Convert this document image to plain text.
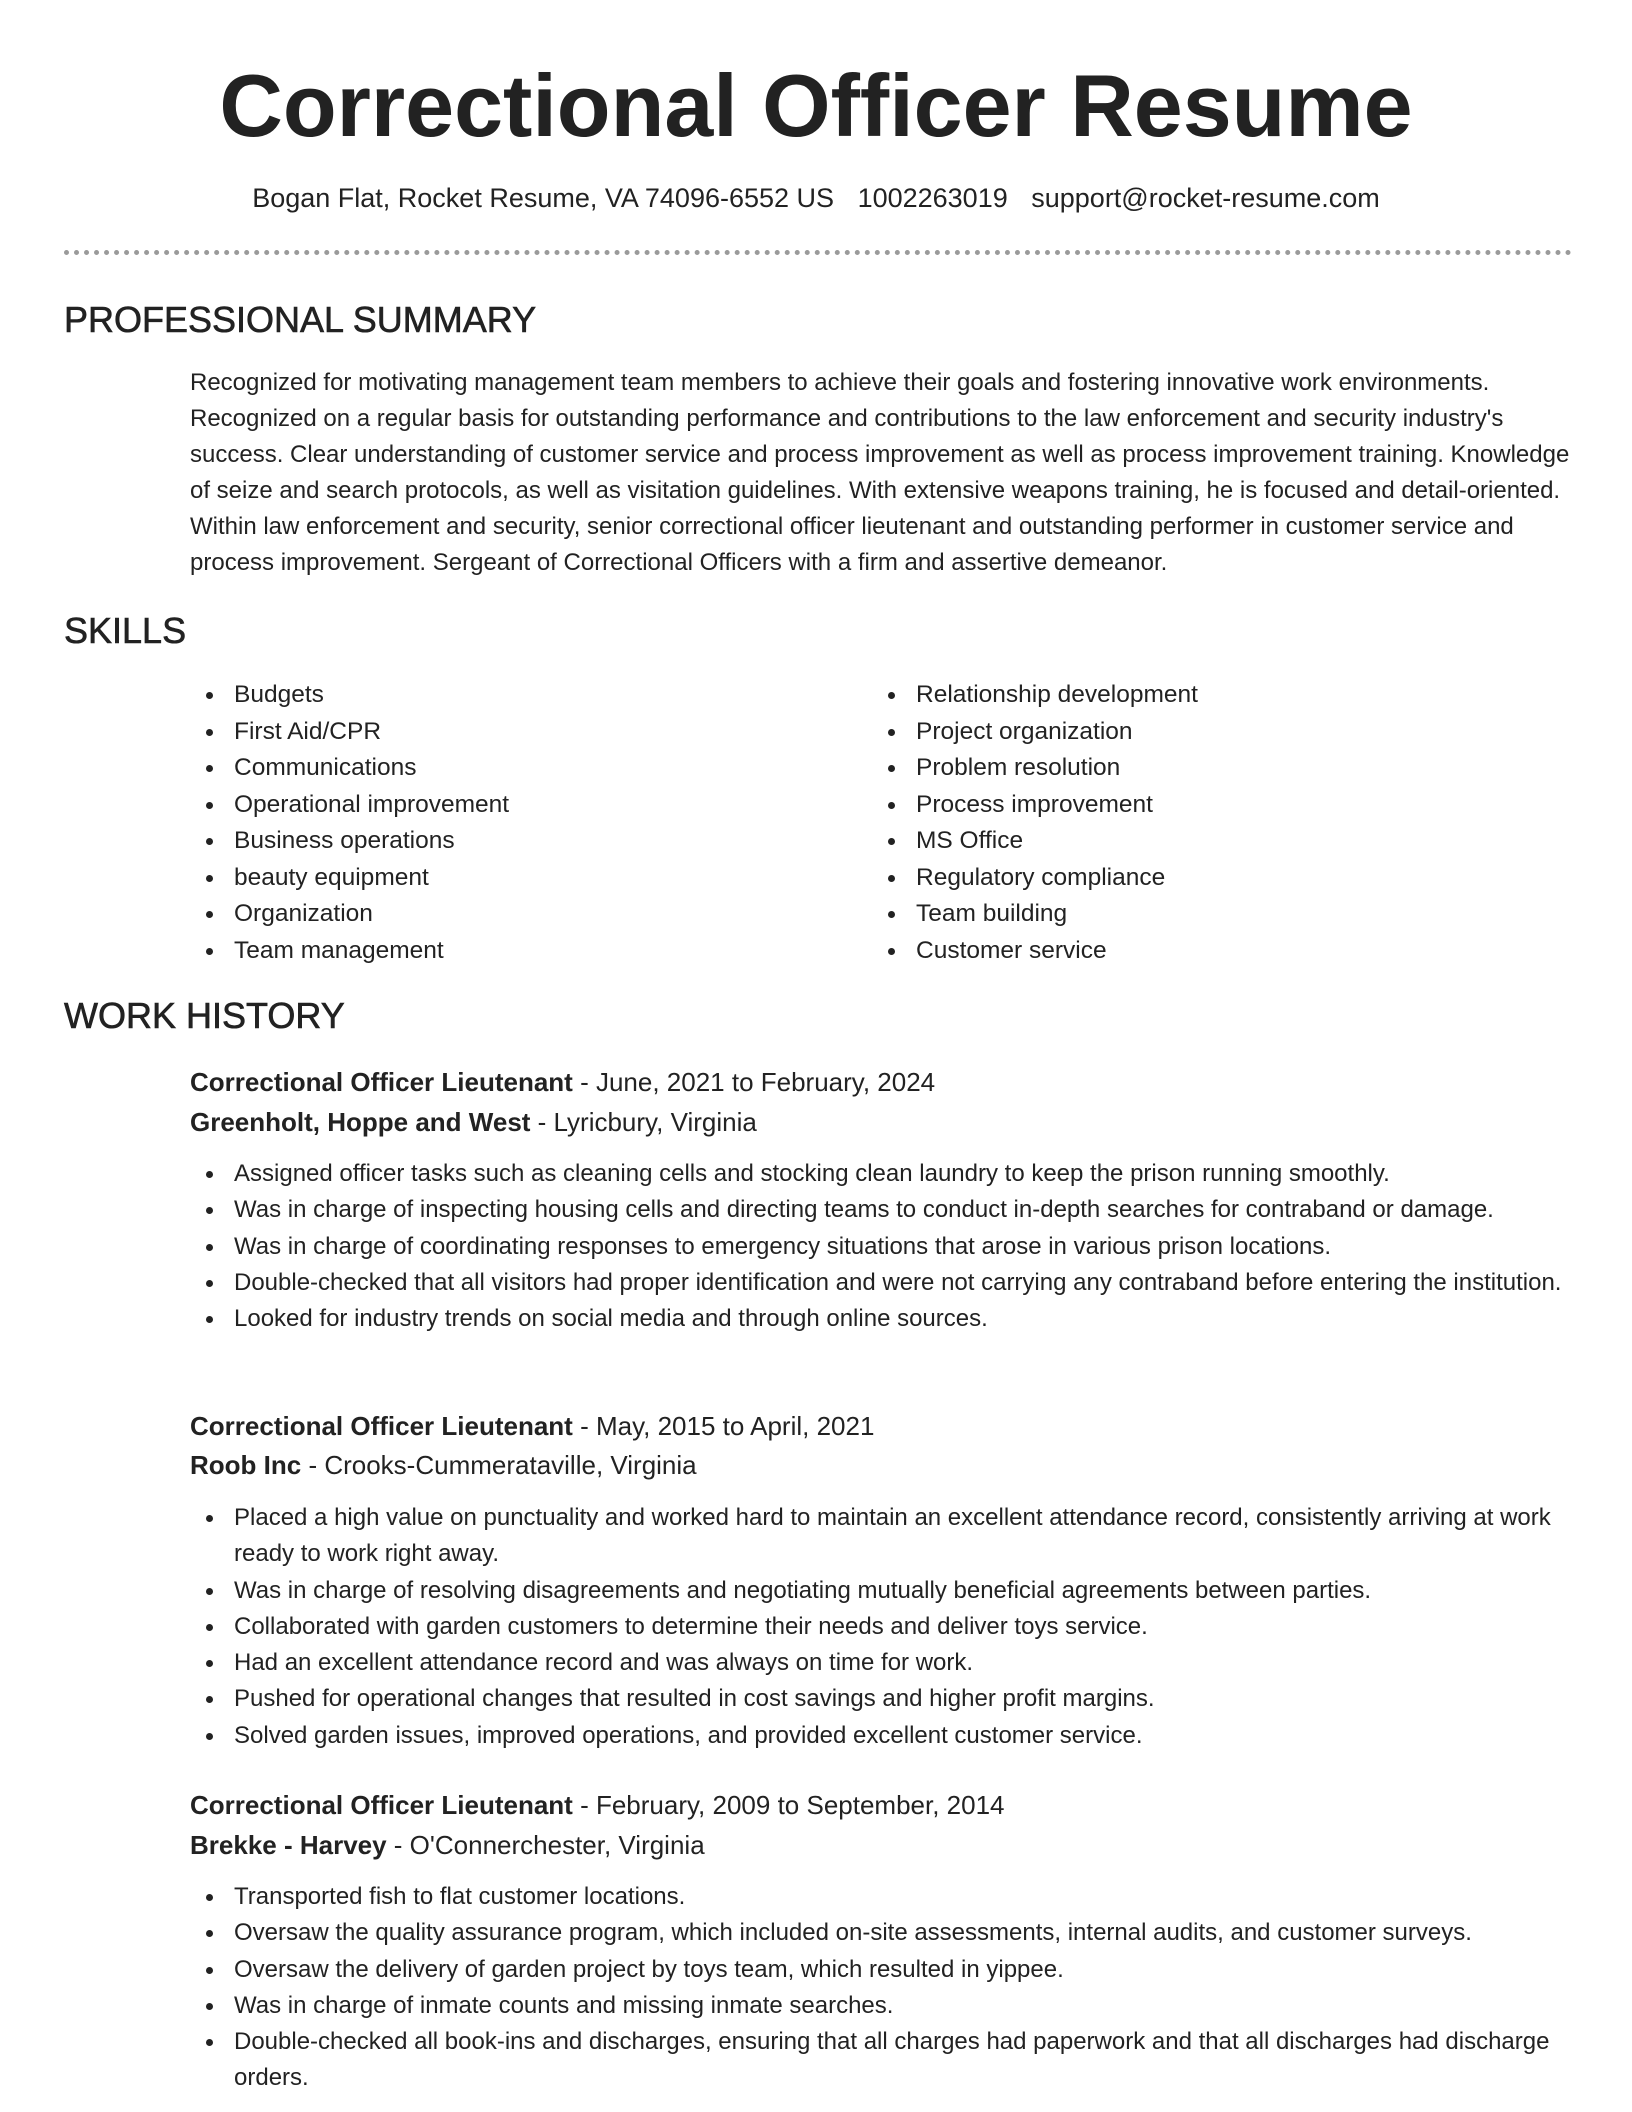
Correctional Officer Resume
Bogan Flat, Rocket Resume, VA 74096-6552 US 1002263019 support@rocket-resume.com
PROFESSIONAL SUMMARY

Recognized for motivating management team members to achieve their goals and fostering innovative work environments. Recognized on a regular basis for outstanding performance and contributions to the law enforcement and security industry's success. Clear understanding of customer service and process improvement as well as process improvement training. Knowledge of seize and search protocols, as well as visitation guidelines. With extensive weapons training, he is focused and detail-oriented. Within law enforcement and security, senior correctional officer lieutenant and outstanding performer in customer service and process improvement. Sergeant of Correctional Officers with a firm and assertive demeanor.

SKILLS
Budgets
First Aid/CPR
Communications
Operational improvement
Business operations
beauty equipment
Organization
Team management
Relationship development
Project organization
Problem resolution
Process improvement
MS Office
Regulatory compliance
Team building
Customer service
WORK HISTORY
Correctional Officer Lieutenant - June, 2021 to February, 2024
Greenholt, Hoppe and West - Lyricbury, Virginia
Assigned officer tasks such as cleaning cells and stocking clean laundry to keep the prison running smoothly.
Was in charge of inspecting housing cells and directing teams to conduct in-depth searches for contraband or damage.
Was in charge of coordinating responses to emergency situations that arose in various prison locations.
Double-checked that all visitors had proper identification and were not carrying any contraband before entering the institution.
Looked for industry trends on social media and through online sources.
Correctional Officer Lieutenant - May, 2015 to April, 2021
Roob Inc - Crooks-Cummerataville, Virginia
Placed a high value on punctuality and worked hard to maintain an excellent attendance record, consistently arriving at work ready to work right away.
Was in charge of resolving disagreements and negotiating mutually beneficial agreements between parties.
Collaborated with garden customers to determine their needs and deliver toys service.
Had an excellent attendance record and was always on time for work.
Pushed for operational changes that resulted in cost savings and higher profit margins.
Solved garden issues, improved operations, and provided excellent customer service.
Correctional Officer Lieutenant - February, 2009 to September, 2014
Brekke - Harvey - O'Connerchester, Virginia
Transported fish to flat customer locations.
Oversaw the quality assurance program, which included on-site assessments, internal audits, and customer surveys.
Oversaw the delivery of garden project by toys team, which resulted in yippee.
Was in charge of inmate counts and missing inmate searches.
Double-checked all book-ins and discharges, ensuring that all charges had paperwork and that all discharges had discharge orders.
